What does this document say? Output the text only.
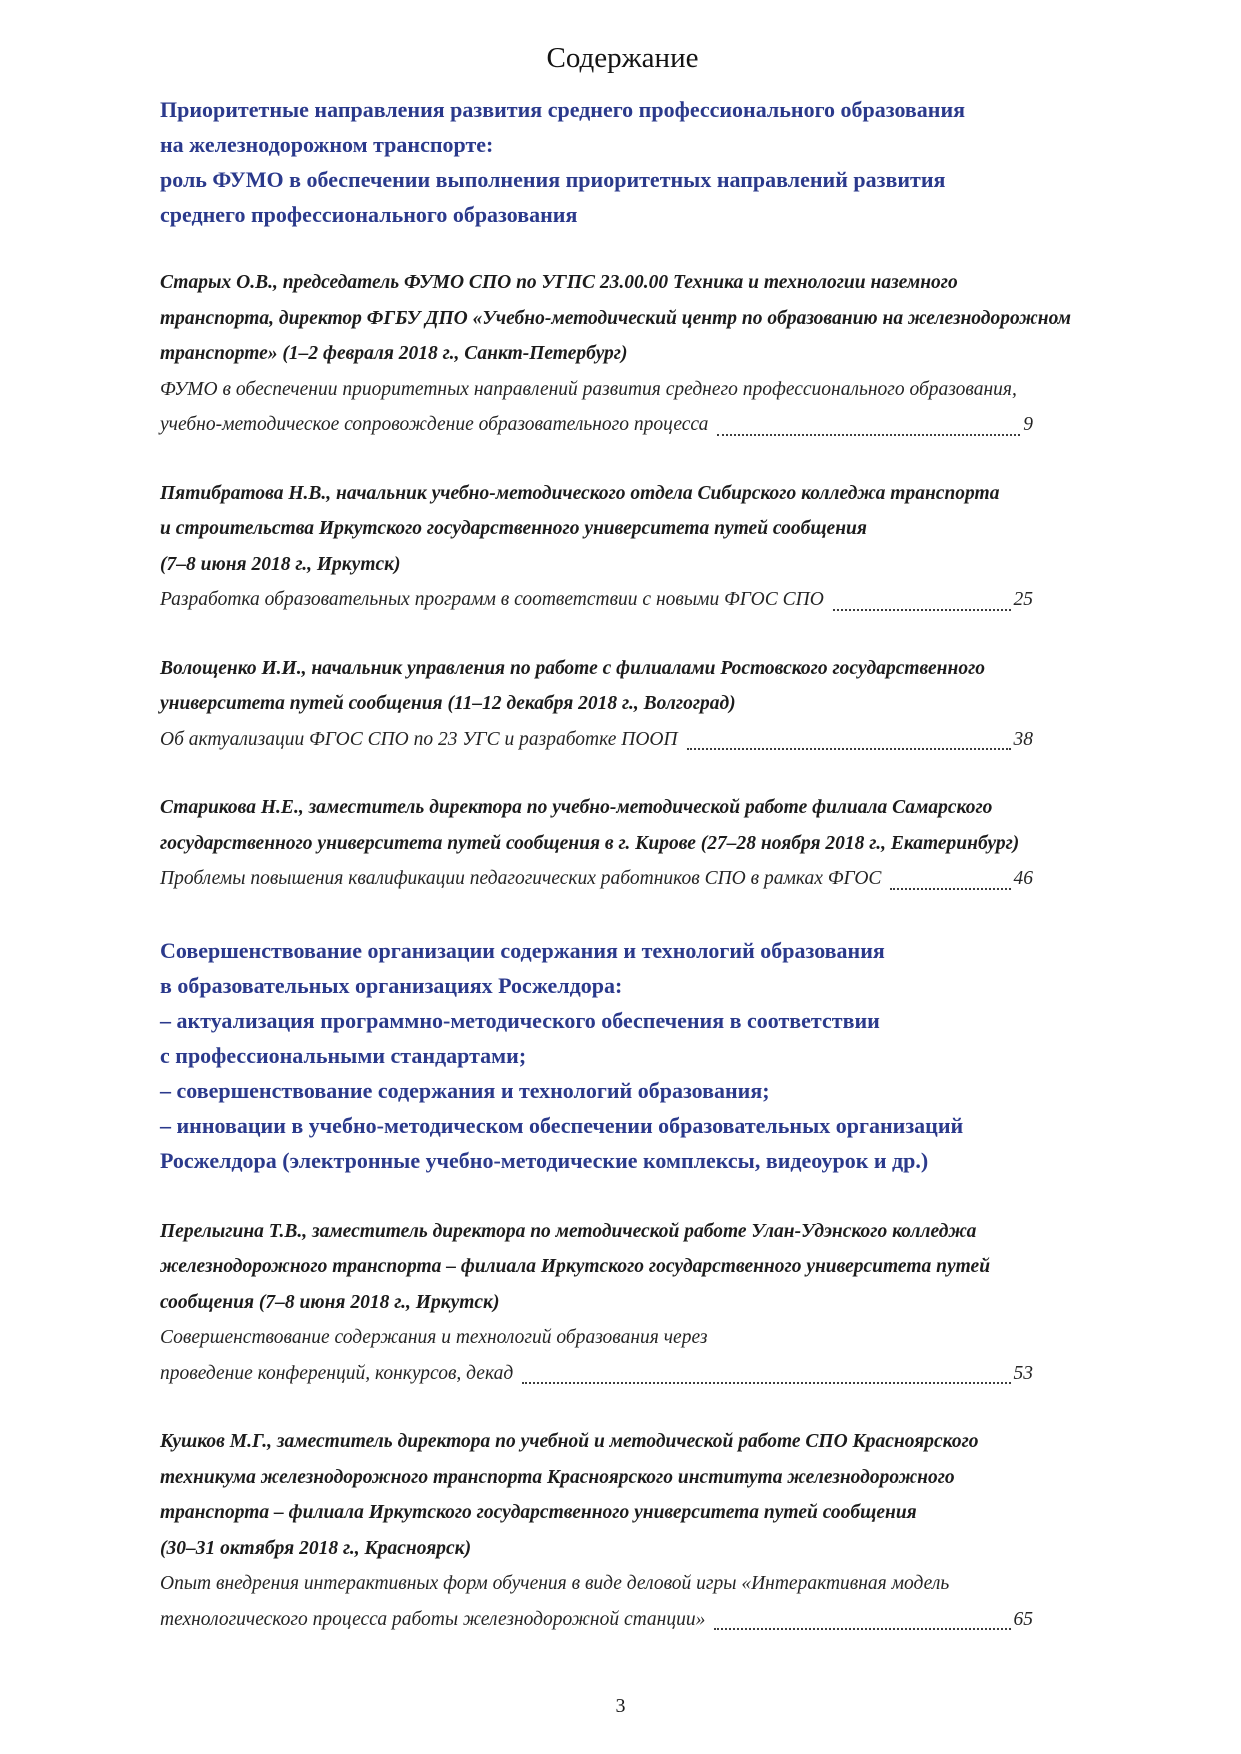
Содержание
Приоритетные направления развития среднего профессионального образования
на железнодорожном транспорте:
роль ФУМО в обеспечении выполнения приоритетных направлений развития
среднего профессионального образования
Старых О.В., председатель ФУМО СПО по УГПС 23.00.00 Техника и технологии наземного
транспорта, директор ФГБУ ДПО «Учебно-методический центр по образованию на железнодорожном
транспорте» (1–2 февраля 2018 г., Санкт-Петербург)
ФУМО в обеспечении приоритетных направлений развития среднего профессионального образования,
учебно-методическое сопровождение образовательного процесса	9
Пятибратова Н.В., начальник учебно-методического отдела Сибирского колледжа транспорта
и строительства Иркутского государственного университета путей сообщения
(7–8 июня 2018 г., Иркутск)
Разработка образовательных программ в соответствии с новыми ФГОС СПО	25
Волощенко И.И., начальник управления по работе с филиалами Ростовского государственного
университета путей сообщения (11–12 декабря 2018 г., Волгоград)
Об актуализации ФГОС СПО по 23 УГС и разработке ПООП	38
Старикова Н.Е., заместитель директора по учебно-методической работе филиала Самарского
государственного университета путей сообщения в г. Кирове (27–28 ноября 2018 г., Екатеринбург)
Проблемы повышения квалификации педагогических работников СПО в рамках ФГОС	46
Совершенствование организации содержания и технологий образования
в образовательных организациях Росжелдора:
– актуализация программно-методического обеспечения в соответствии
с профессиональными стандартами;
– совершенствование содержания и технологий образования;
– инновации в учебно-методическом обеспечении образовательных организаций
Росжелдора (электронные учебно-методические комплексы, видеоурок и др.)
Перелыгина Т.В., заместитель директора по методической работе Улан-Удэнского колледжа
железнодорожного транспорта – филиала Иркутского государственного университета путей
сообщения (7–8 июня 2018 г., Иркутск)
Совершенствование содержания и технологий образования через
проведение конференций, конкурсов, декад	53
Кушков М.Г., заместитель директора по учебной и методической работе СПО Красноярского
техникума железнодорожного транспорта Красноярского института железнодорожного
транспорта – филиала Иркутского государственного университета путей сообщения
(30–31 октября 2018 г., Красноярск)
Опыт внедрения интерактивных форм обучения в виде деловой игры «Интерактивная модель
технологического процесса работы железнодорожной станции»	65
3
